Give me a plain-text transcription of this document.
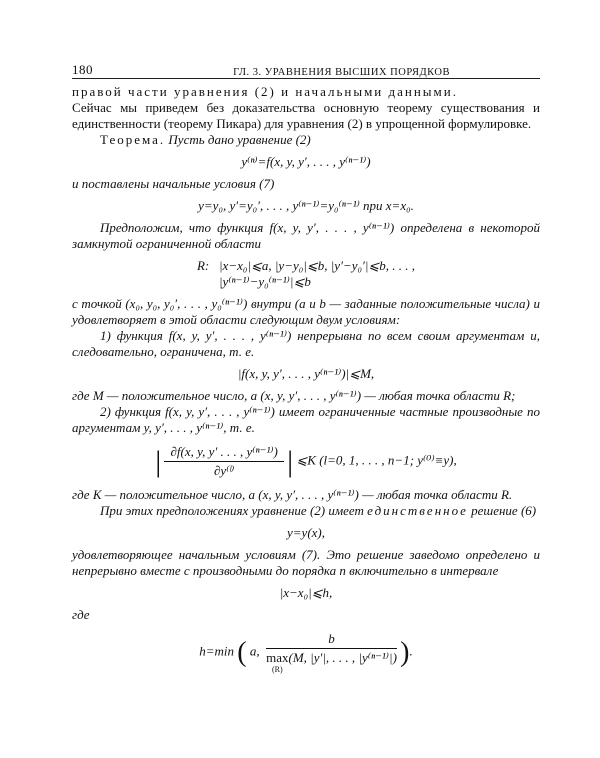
180	ГЛ. 3. УРАВНЕНИЯ ВЫСШИХ ПОРЯДКОВ

правой части уравнения (2) и начальными данными.

Сейчас мы приведем без доказательства основную теорему существования и единственности (теорему Пикара) для уравнения (2) в упрощенной формулировке.

Теорема. Пусть дано уравнение (2)

y⁽ⁿ⁾=f(x, y, y′, . . . , y⁽ⁿ⁻¹⁾)

и поставлены начальные условия (7)

y=y₀, y′=y₀′, . . . , y⁽ⁿ⁻¹⁾=y₀⁽ⁿ⁻¹⁾ при x=x₀.

Предположим, что функция f(x, y, y′, . . . , y⁽ⁿ⁻¹⁾) определена в некоторой замкнутой ограниченной области

R: |x−x₀|⩽a, |y−y₀|⩽b, |y′−y₀′|⩽b, . . . ,
|y⁽ⁿ⁻¹⁾−y₀⁽ⁿ⁻¹⁾|⩽b

с точкой (x₀, y₀, y₀′, . . . , y₀⁽ⁿ⁻¹⁾) внутри (a и b — заданные положительные числа) и удовлетворяет в этой области следующим двум условиям:

1) функция f(x, y, y′, . . . , y⁽ⁿ⁻¹⁾) непрерывна по всем своим аргументам и, следовательно, ограничена, т. е.

|f(x, y, y′, . . . , y⁽ⁿ⁻¹⁾)|⩽M,

где M — положительное число, a (x, y, y′, . . . , y⁽ⁿ⁻¹⁾) — любая точка области R;

2) функция f(x, y, y′, . . . , y⁽ⁿ⁻¹⁾) имеет ограниченные частные производные по аргументам y, y′, . . . , y⁽ⁿ⁻¹⁾, т. е.

| $\frac{\text{∂f(x, y, y′ . . . , y⁽ⁿ⁻¹⁾)}}{\text{∂y⁽ˡ⁾}}$ | ⩽K (l=0, 1, . . . , n−1; y⁽⁰⁾≡y),

где K — положительное число, a (x, y, y′, . . . , y⁽ⁿ⁻¹⁾) — любая точка области R.

При этих предположениях уравнение (2) имеет единственное решение (6)

y=y(x),

удовлетворяющее начальным условиям (7). Это решение заведомо определено и непрерывно вместе с производными до порядка n включительно в интервале

|x−x₀|⩽h,

где

h=min ( a, b
max
(R)
(M, |y′|, . . . , |y⁽ⁿ⁻¹⁾|) ).
